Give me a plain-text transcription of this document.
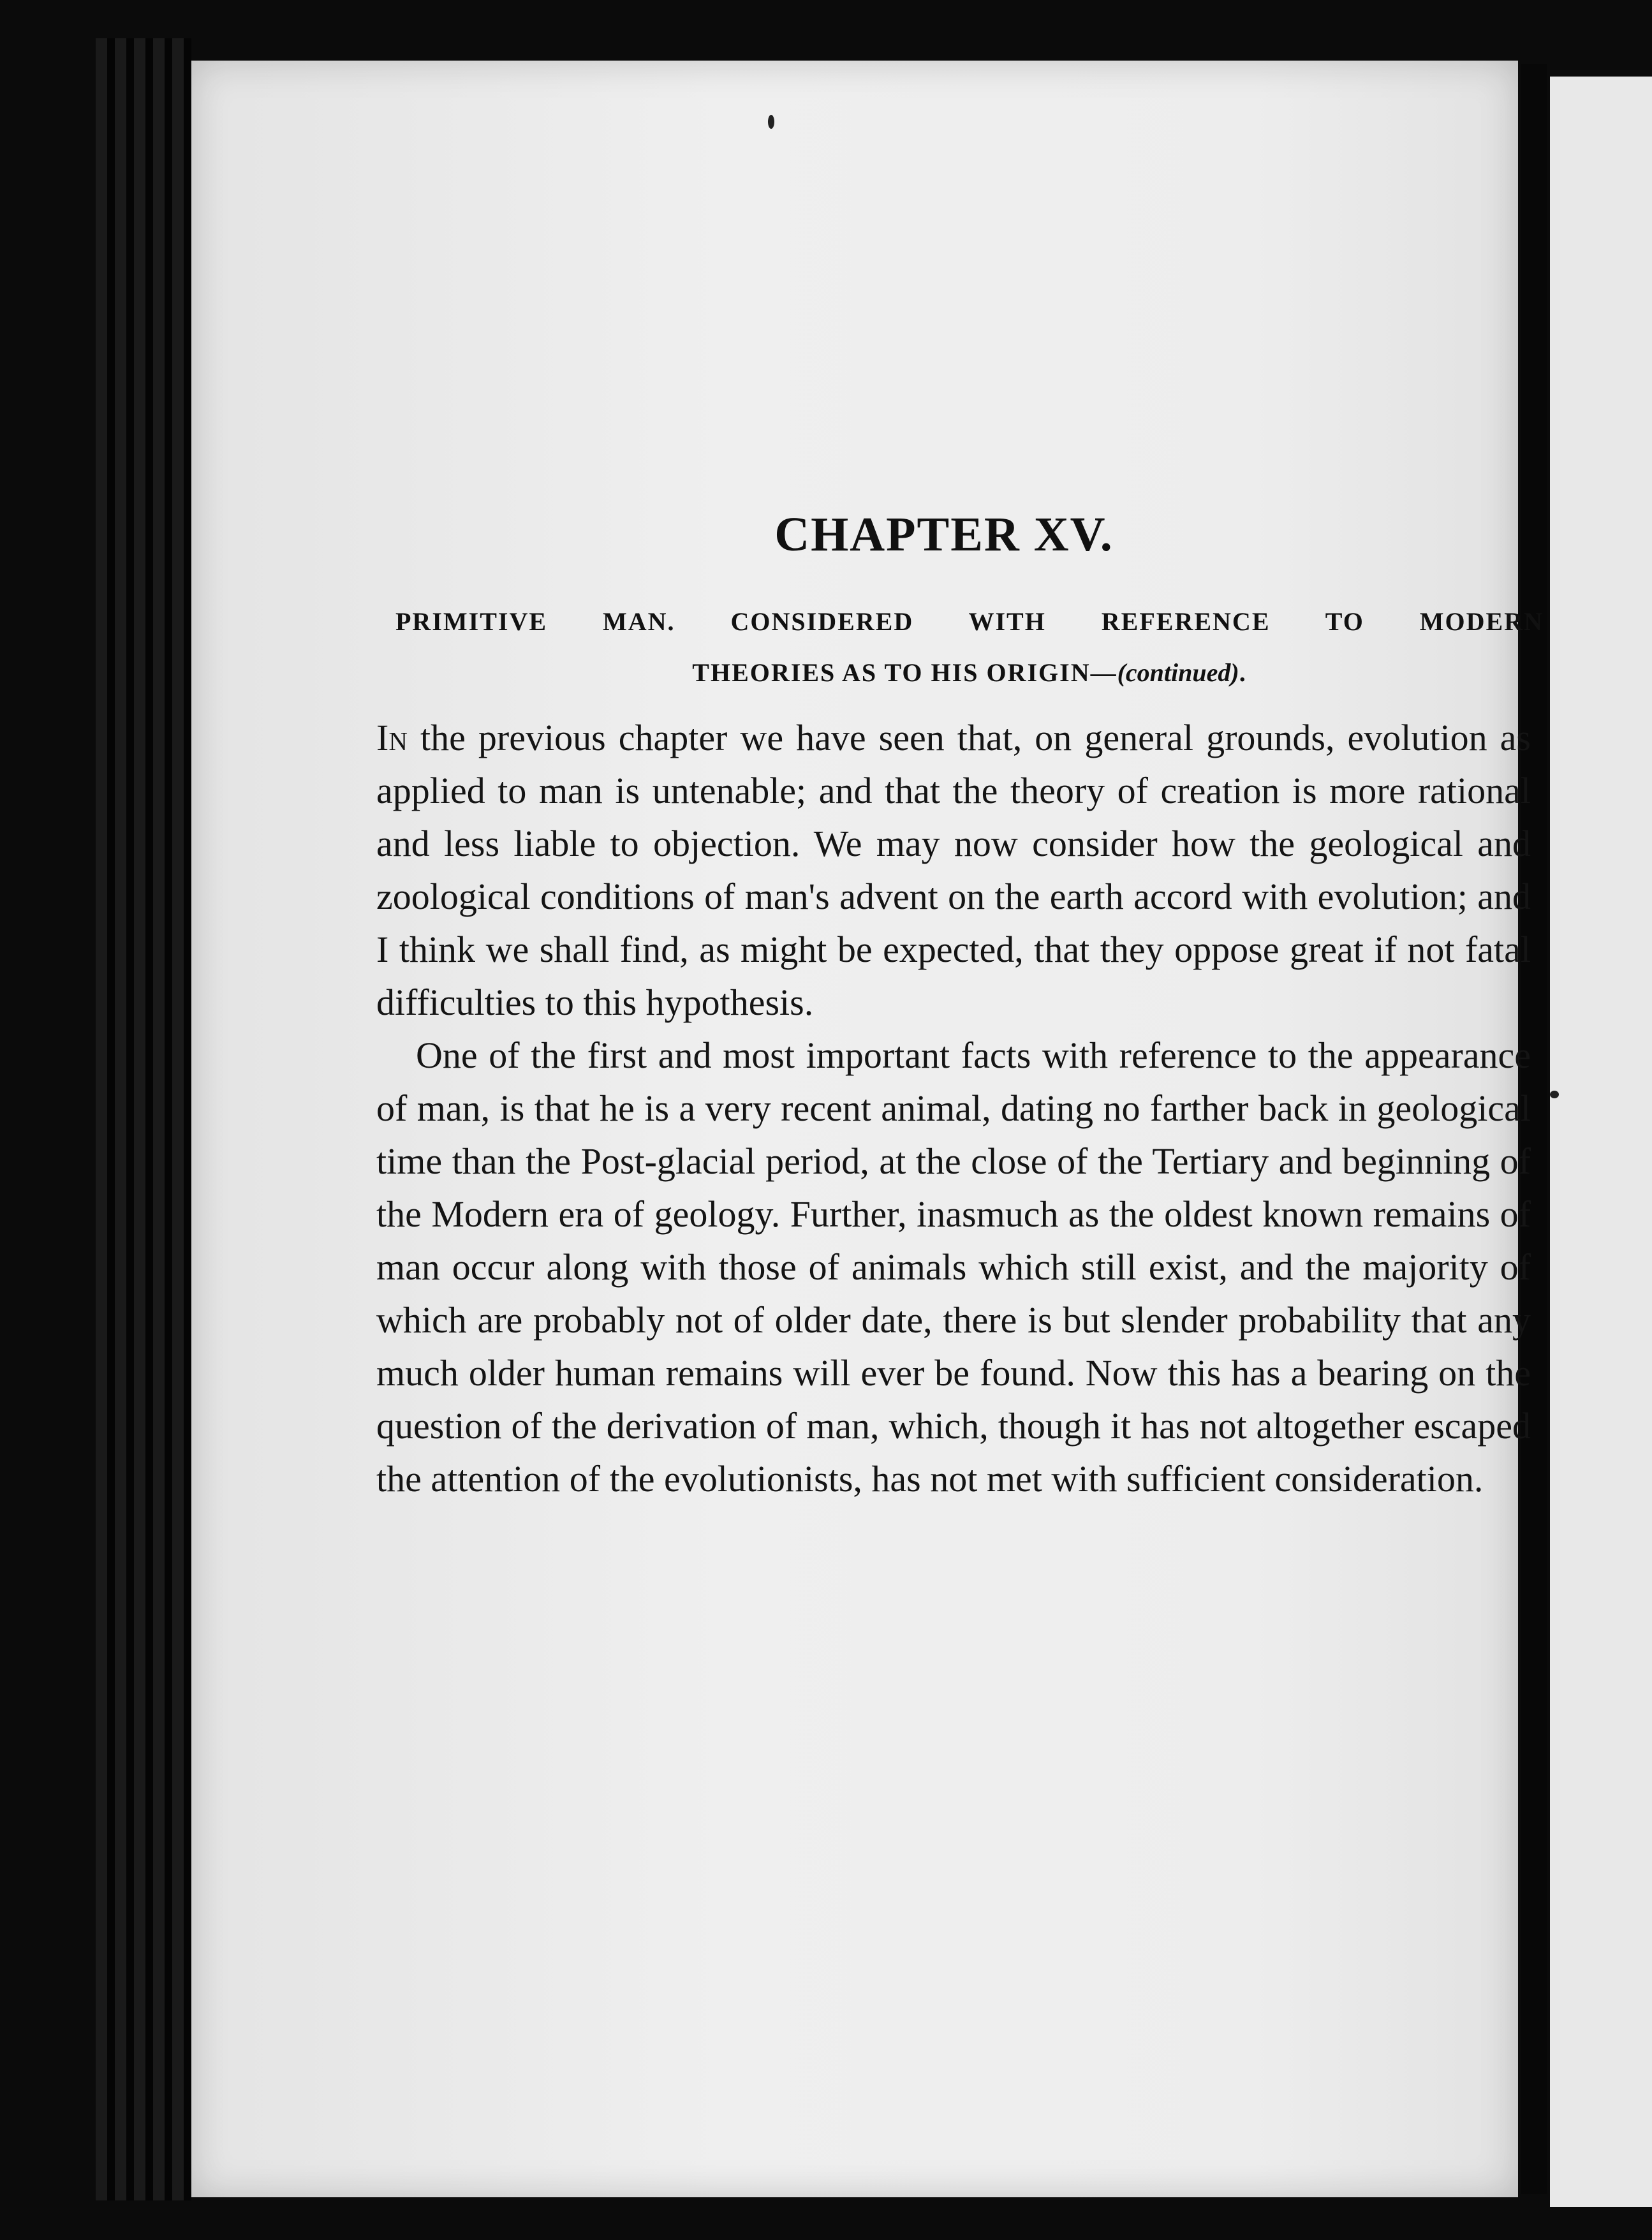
CHAPTER XV.
PRIMITIVE MAN. CONSIDERED WITH REFERENCE TO MODERN
THEORIES AS TO HIS ORIGIN—(continued).

In the previous chapter we have seen that, on general grounds, evolution as applied to man is untenable; and that the theory of creation is more rational and less liable to objection. We may now consider how the geological and zoological conditions of man's advent on the earth accord with evolution; and I think we shall find, as might be expected, that they oppose great if not fatal difficulties to this hypothesis.

One of the first and most important facts with reference to the appearance of man, is that he is a very recent animal, dating no farther back in geological time than the Post-glacial period, at the close of the Tertiary and beginning of the Modern era of geology. Further, inasmuch as the oldest known remains of man occur along with those of animals which still exist, and the majority of which are probably not of older date, there is but slender probability that any much older human remains will ever be found. Now this has a bearing on the question of the derivation of man, which, though it has not altogether escaped the attention of the evolutionists, has not met with sufficient consideration.
